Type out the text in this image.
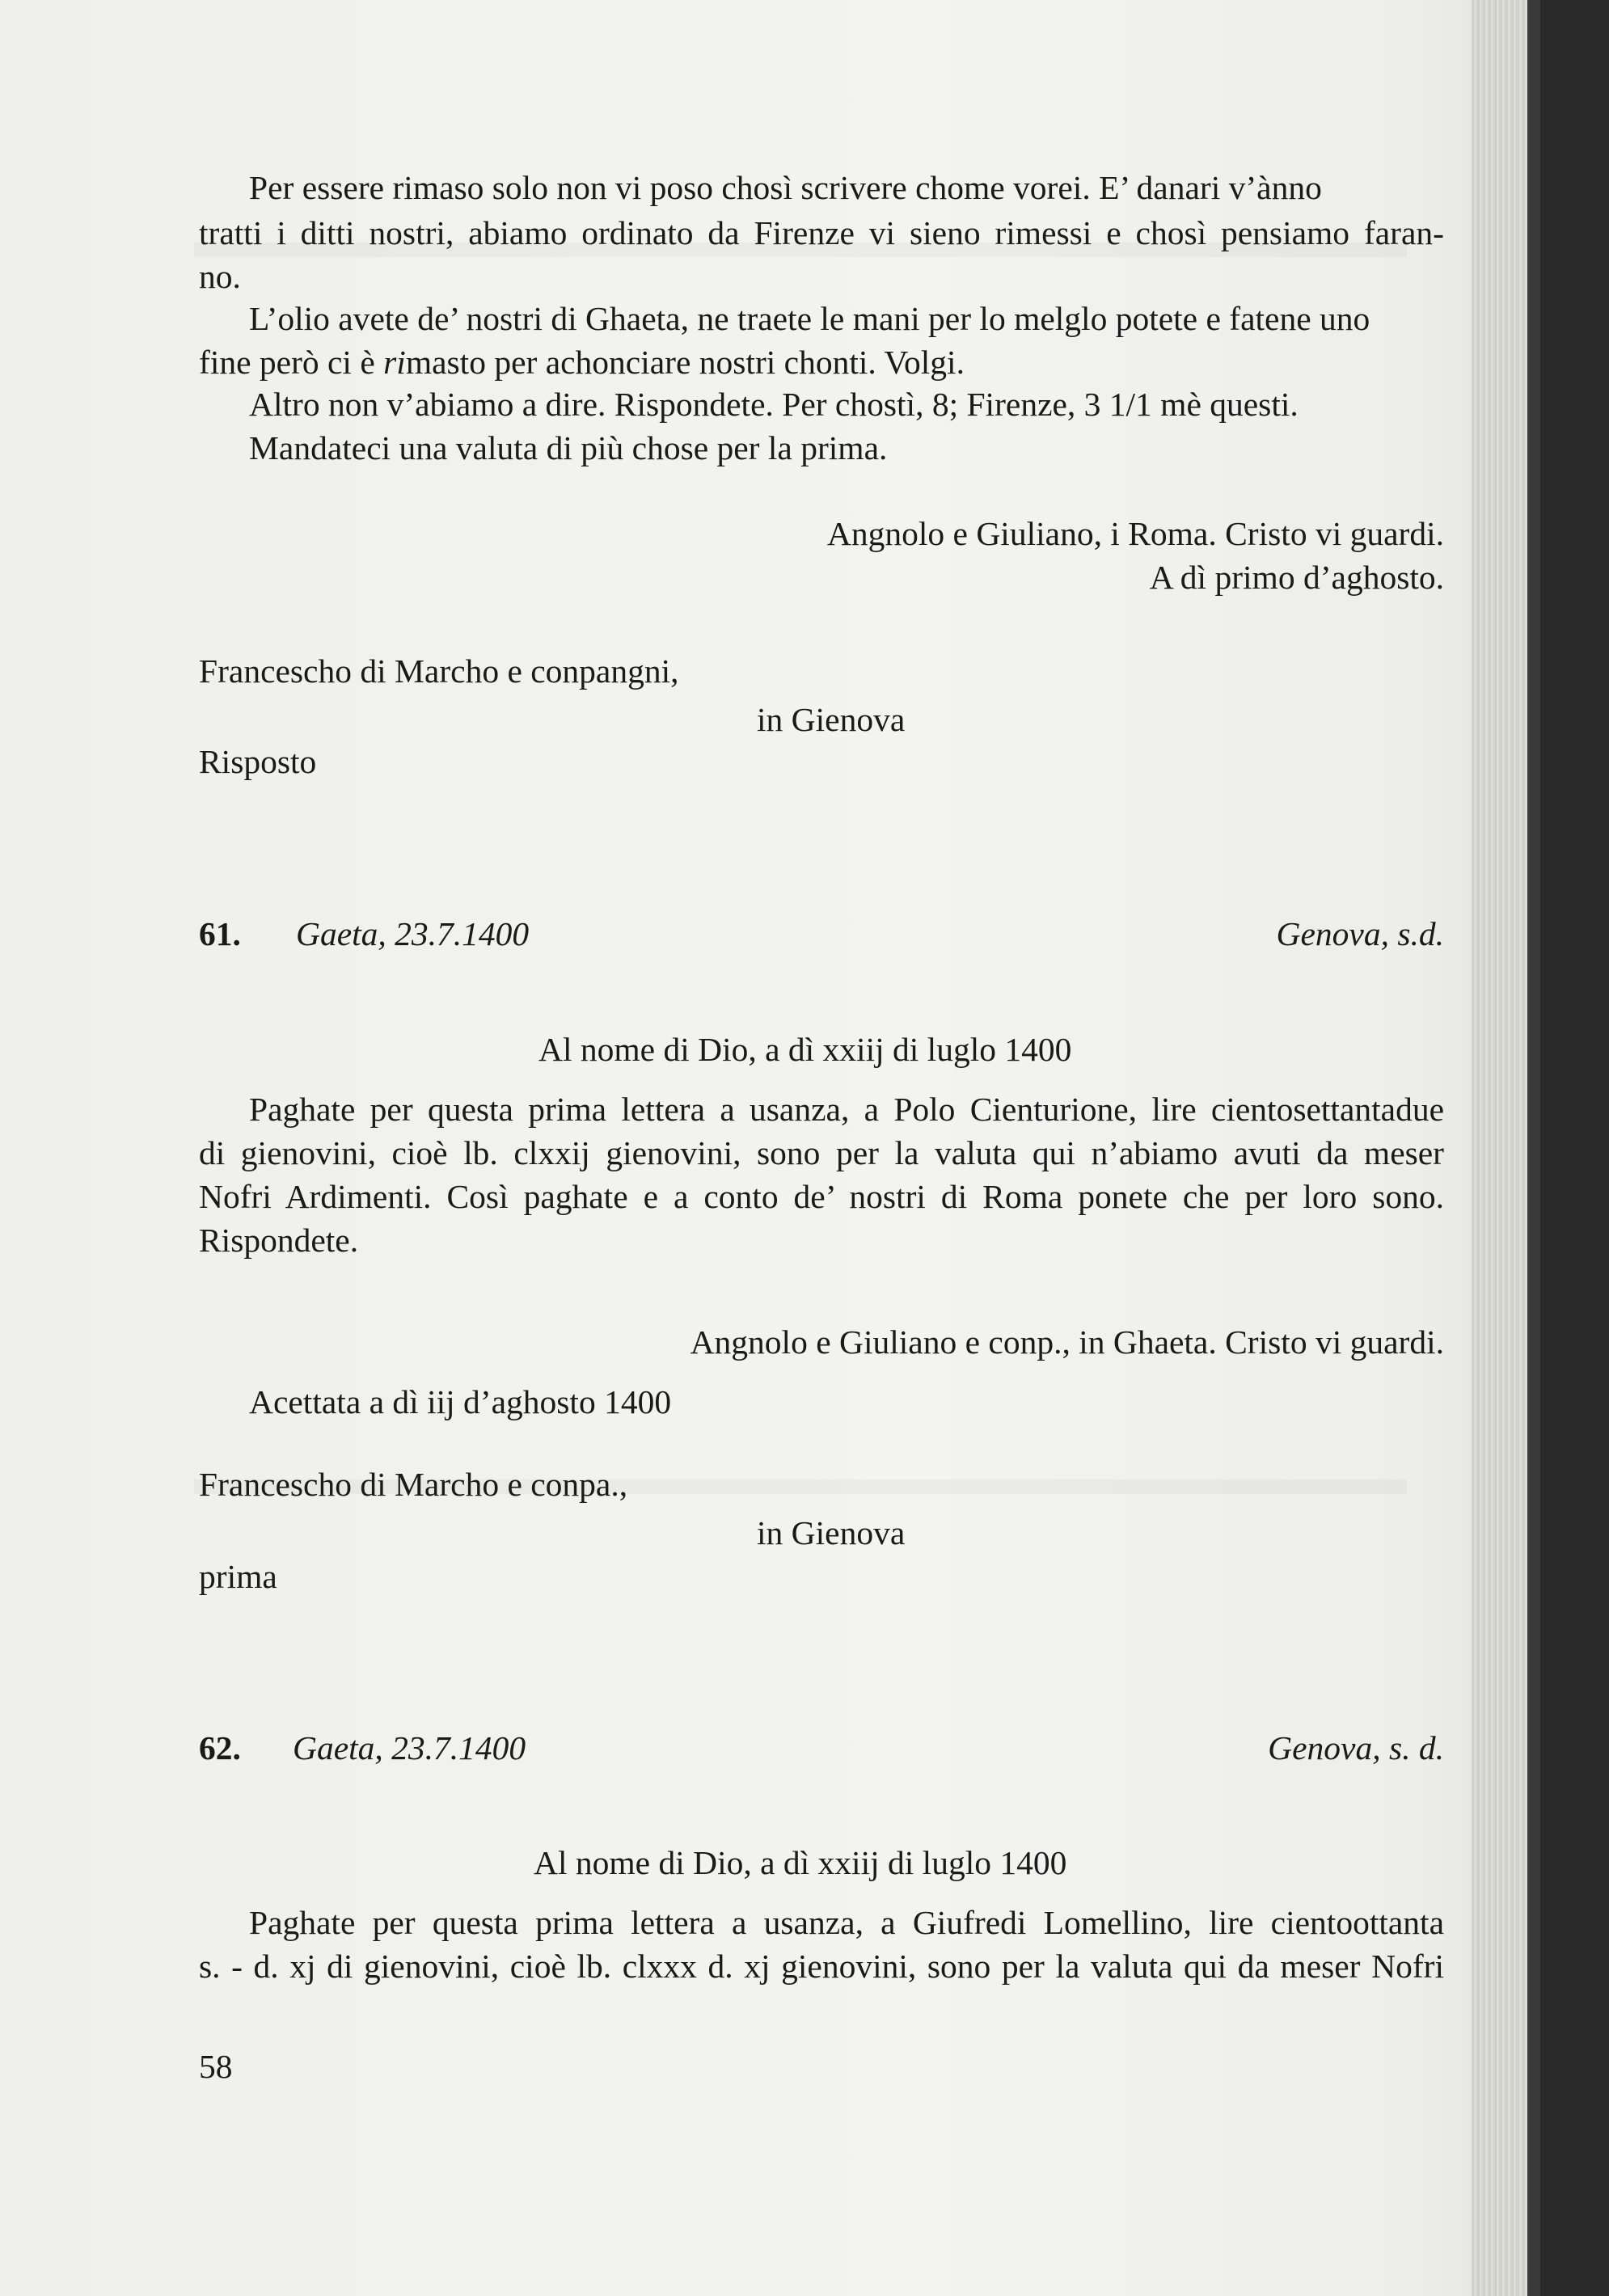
Per essere rimaso solo non vi poso chosì scrivere chome vorei. E’ danari v’ànno
tratti i ditti nostri, abiamo ordinato da Firenze vi sieno rimessi e chosì pensiamo faran-
no.
L’olio avete de’ nostri di Ghaeta, ne traete le mani per lo melglo potete e fatene uno
fine però ci è rimasto per achonciare nostri chonti. Volgi.
Altro non v’abiamo a dire. Rispondete. Per chostì, 8; Firenze, 3 1/1 mè questi.
Mandateci una valuta di più chose per la prima.
Angnolo e Giuliano, i Roma. Cristo vi guardi.
A dì primo d’aghosto.
Francescho di Marcho e conpangni,
in Gienova
Risposto
61. Gaeta, 23.7.1400	Genova, s.d.
Al nome di Dio, a dì xxiij di luglo 1400
Paghate per questa prima lettera a usanza, a Polo Cienturione, lire cientosettantadue
di gienovini, cioè lb. clxxij gienovini, sono per la valuta qui n’abiamo avuti da meser
Nofri Ardimenti. Così paghate e a conto de’ nostri di Roma ponete che per loro sono.
Rispondete.
Angnolo e Giuliano e conp., in Ghaeta. Cristo vi guardi.
Acettata a dì iij d’aghosto 1400
Francescho di Marcho e conpa.,
in Gienova
prima
62. Gaeta, 23.7.1400	Genova, s. d.
Al nome di Dio, a dì xxiij di luglo 1400
Paghate per questa prima lettera a usanza, a Giufredi Lomellino, lire cientoottanta
s. - d. xj di gienovini, cioè lb. clxxx d. xj gienovini, sono per la valuta qui da meser Nofri
58
